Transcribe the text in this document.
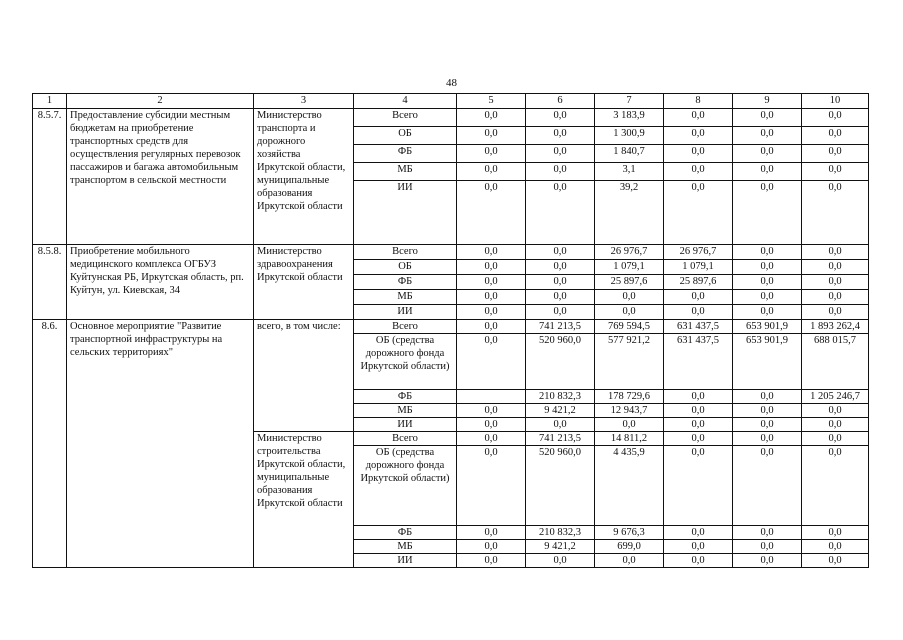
48
1	2	3	4	5	6	7	8	9	10
8.5.7.	Предоставление субсидии местным бюджетам на приобретение транспортных средств для осуществления регулярных перевозок пассажиров и багажа автомобильным транспортом в сельской местности	Министерство транспорта и дорожного хозяйства Иркутской области, муниципальные образования Иркутской области	Всего	0,0	0,0	3 183,9	0,0	0,0	0,0
			ОБ	0,0	0,0	1 300,9	0,0	0,0	0,0
			ФБ	0,0	0,0	1 840,7	0,0	0,0	0,0
			МБ	0,0	0,0	3,1	0,0	0,0	0,0
			ИИ	0,0	0,0	39,2	0,0	0,0	0,0
8.5.8.	Приобретение мобильного медицинского комплекса ОГБУЗ Куйтунская РБ, Иркутская область, рп. Куйтун, ул. Киевская, 34	Министерство здравоохранения Иркутской области	Всего	0,0	0,0	26 976,7	26 976,7	0,0	0,0
			ОБ	0,0	0,0	1 079,1	1 079,1	0,0	0,0
			ФБ	0,0	0,0	25 897,6	25 897,6	0,0	0,0
			МБ	0,0	0,0	0,0	0,0	0,0	0,0
			ИИ	0,0	0,0	0,0	0,0	0,0	0,0
8.6.	Основное мероприятие "Развитие транспортной инфраструктуры на сельских территориях"	всего, в том числе:	Всего	0,0	741 213,5	769 594,5	631 437,5	653 901,9	1 893 262,4
			ОБ (средства дорожного фонда Иркутской области)	0,0	520 960,0	577 921,2	631 437,5	653 901,9	688 015,7
			ФБ		210 832,3	178 729,6	0,0	0,0	1 205 246,7
			МБ	0,0	9 421,2	12 943,7	0,0	0,0	0,0
			ИИ	0,0	0,0	0,0	0,0	0,0	0,0
		Министерство строительства Иркутской области, муниципальные образования Иркутской области	Всего	0,0	741 213,5	14 811,2	0,0	0,0	0,0
			ОБ (средства дорожного фонда Иркутской области)	0,0	520 960,0	4 435,9	0,0	0,0	0,0
			ФБ	0,0	210 832,3	9 676,3	0,0	0,0	0,0
			МБ	0,0	9 421,2	699,0	0,0	0,0	0,0
			ИИ	0,0	0,0	0,0	0,0	0,0	0,0
